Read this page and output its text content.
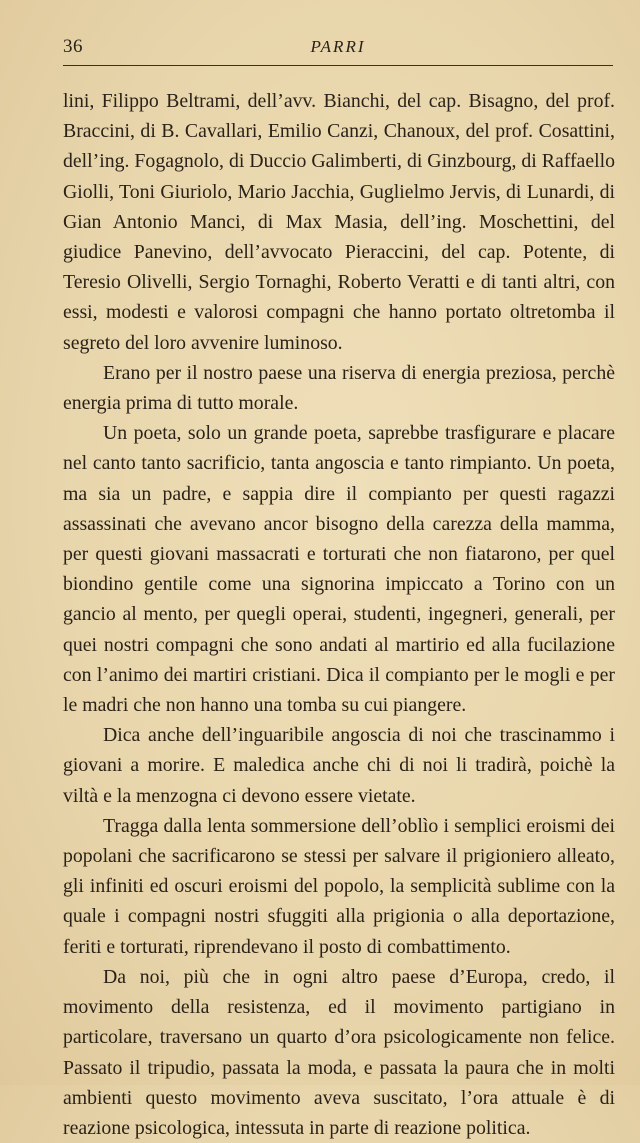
36	PARRI

lini, Filippo Beltrami, dell’avv. Bianchi, del cap. Bisagno, del prof. Braccini, di B. Cavallari, Emilio Canzi, Chanoux, del prof. Cosattini, dell’ing. Fogagnolo, di Duccio Galimberti, di Ginzbourg, di Raffaello Giolli, Toni Giuriolo, Mario Jacchia, Guglielmo Jervis, di Lunardi, di Gian Antonio Manci, di Max Masia, dell’ing. Moschettini, del giudice Panevino, dell’avvocato Pieraccini, del cap. Potente, di Teresio Olivelli, Sergio Tornaghi, Roberto Veratti e di tanti altri, con essi, modesti e valorosi compagni che hanno portato oltretomba il segreto del loro avvenire luminoso.

Erano per il nostro paese una riserva di energia preziosa, perchè energia prima di tutto morale.

Un poeta, solo un grande poeta, saprebbe trasfigurare e placare nel canto tanto sacrificio, tanta angoscia e tanto rimpianto. Un poeta, ma sia un padre, e sappia dire il compianto per questi ragazzi assassinati che avevano ancor bisogno della carezza della mamma, per questi giovani massacrati e torturati che non fiatarono, per quel biondino gentile come una signorina impiccato a Torino con un gancio al mento, per quegli operai, studenti, ingegneri, generali, per quei nostri compagni che sono andati al martirio ed alla fucilazione con l’animo dei martiri cristiani. Dica il compianto per le mogli e per le madri che non hanno una tomba su cui piangere.

Dica anche dell’inguaribile angoscia di noi che trascinammo i giovani a morire. E maledica anche chi di noi li tradirà, poichè la viltà e la menzogna ci devono essere vietate.

Tragga dalla lenta sommersione dell’oblìo i semplici eroismi dei popolani che sacrificarono se stessi per salvare il prigioniero alleato, gli infiniti ed oscuri eroismi del popolo, la semplicità sublime con la quale i compagni nostri sfuggiti alla prigionia o alla deportazione, feriti e torturati, riprendevano il posto di combattimento.

Da noi, più che in ogni altro paese d’Europa, credo, il movimento della resistenza, ed il movimento partigiano in particolare, traversano un quarto d’ora psicologicamente non felice. Passato il tripudio, passata la moda, e passata la paura che in molti ambienti questo movimento aveva suscitato, l’ora attuale è di reazione psicologica, intessuta in parte di reazione politica.
